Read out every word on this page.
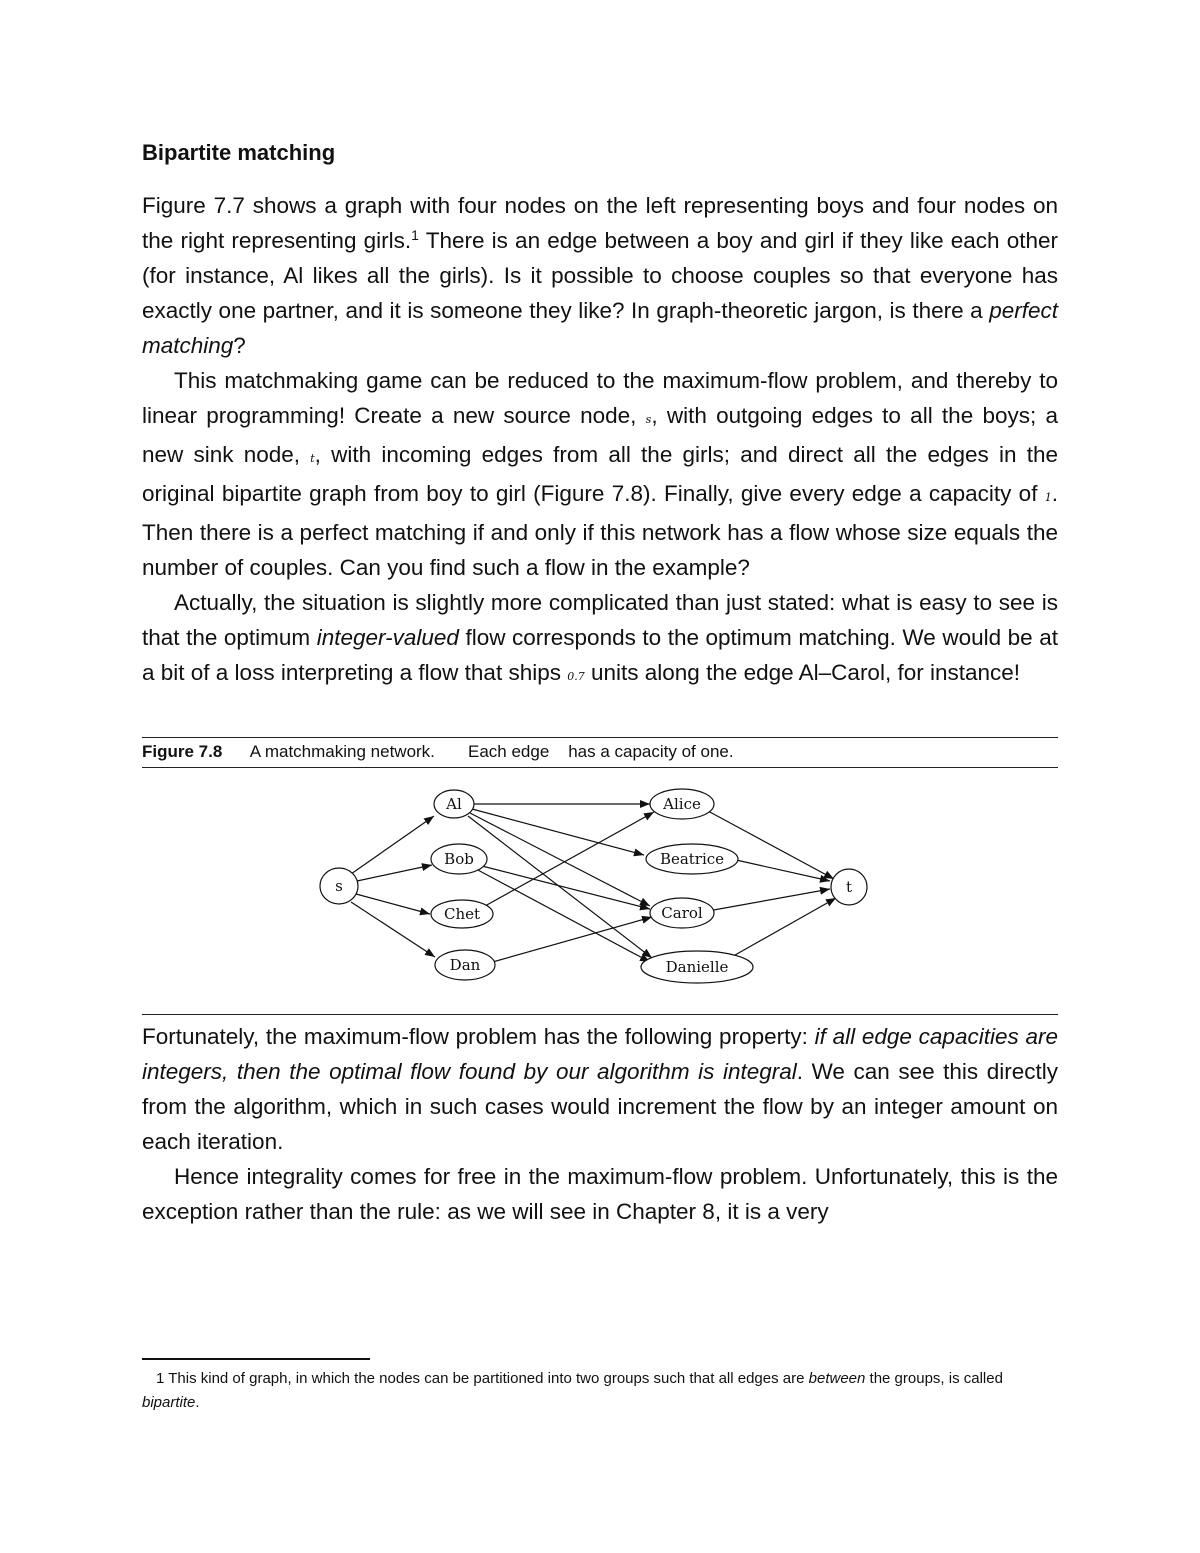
Bipartite matching

Figure 7.7 shows a graph with four nodes on the left representing boys and four nodes on the right representing girls.$^1$ There is an edge between a boy and girl if they like each other (for instance, Al likes all the girls). Is it possible to choose couples so that everyone has exactly one partner, and it is someone they like? In graph-theoretic jargon, is there a perfect matching?

This matchmaking game can be reduced to the maximum-flow problem, and thereby to linear programming! Create a new source node, s, with outgoing edges to all the boys; a new sink node, t, with incoming edges from all the girls; and direct all the edges in the original bipartite graph from boy to girl (Figure 7.8). Finally, give every edge a capacity of 1. Then there is a perfect matching if and only if this network has a flow whose size equals the number of couples. Can you find such a flow in the example?

Actually, the situation is slightly more complicated than just stated: what is easy to see is that the optimum integer-valued flow corresponds to the optimum matching. We would be at a bit of a loss interpreting a flow that ships 0.7 units along the edge Al–Carol, for instance!

Figure 7.8 A matchmaking network. Each edge has a capacity of one.
s
Al
Bob
Chet
Dan
Alice
Beatrice
Carol
Danielle
t

Fortunately, the maximum-flow problem has the following property: if all edge capacities are integers, then the optimal flow found by our algorithm is integral. We can see this directly from the algorithm, which in such cases would increment the flow by an integer amount on each iteration.

Hence integrality comes for free in the maximum-flow problem. Unfortunately, this is the exception rather than the rule: as we will see in Chapter 8, it is a very

1 This kind of graph, in which the nodes can be partitioned into two groups such that all edges are between the groups, is called bipartite.
